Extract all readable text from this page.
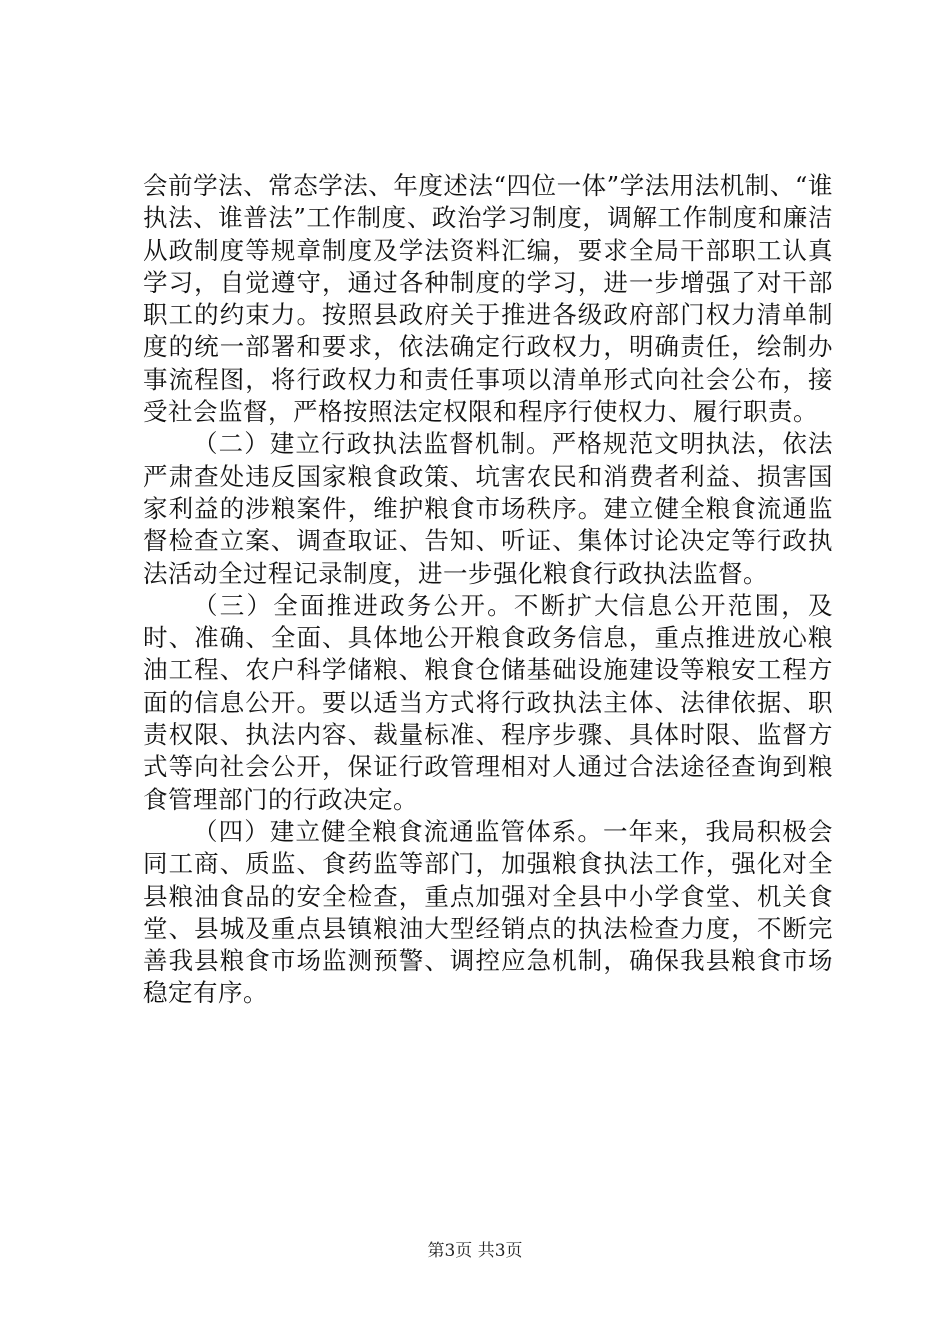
会前学法、常态学法、年度述法“四位一体”学法用法机制、“谁执法、谁普法”工作制度、政治学习制度，调解工作制度和廉洁从政制度等规章制度及学法资料汇编，要求全局干部职工认真学习，自觉遵守，通过各种制度的学习，进一步增强了对干部职工的约束力。按照县政府关于推进各级政府部门权力清单制度的统一部署和要求，依法确定行政权力，明确责任，绘制办事流程图，将行政权力和责任事项以清单形式向社会公布，接受社会监督，严格按照法定权限和程序行使权力、履行职责。

（二）建立行政执法监督机制。严格规范文明执法，依法严肃查处违反国家粮食政策、坑害农民和消费者利益、损害国家利益的涉粮案件，维护粮食市场秩序。建立健全粮食流通监督检查立案、调查取证、告知、听证、集体讨论决定等行政执法活动全过程记录制度，进一步强化粮食行政执法监督。

（三）全面推进政务公开。不断扩大信息公开范围，及时、准确、全面、具体地公开粮食政务信息，重点推进放心粮油工程、农户科学储粮、粮食仓储基础设施建设等粮安工程方面的信息公开。要以适当方式将行政执法主体、法律依据、职责权限、执法内容、裁量标准、程序步骤、具体时限、监督方式等向社会公开，保证行政管理相对人通过合法途径查询到粮食管理部门的行政决定。

（四）建立健全粮食流通监管体系。一年来，我局积极会同工商、质监、食药监等部门，加强粮食执法工作，强化对全县粮油食品的安全检查，重点加强对全县中小学食堂、机关食堂、县城及重点县镇粮油大型经销点的执法检查力度，不断完善我县粮食市场监测预警、调控应急机制，确保我县粮食市场稳定有序。

第3页 共3页
